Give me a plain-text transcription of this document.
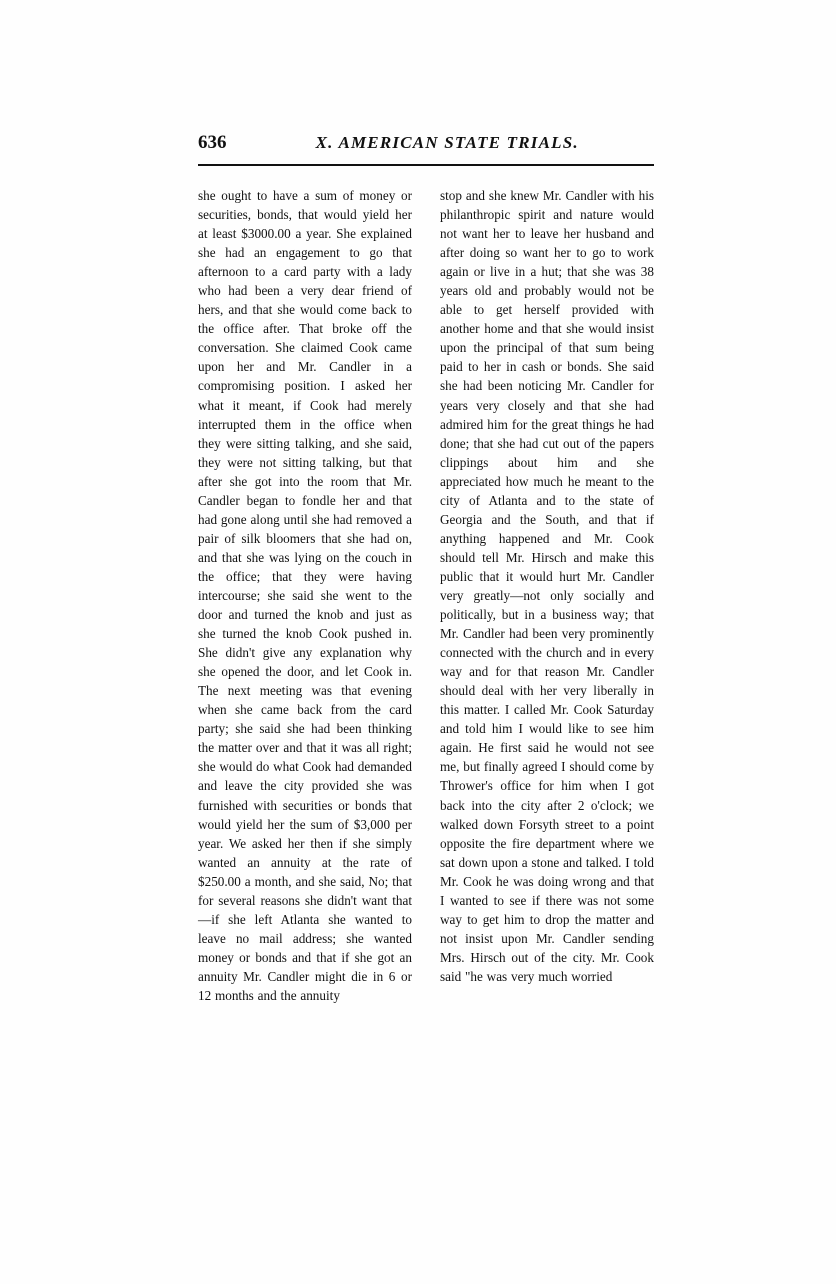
636	X. AMERICAN STATE TRIALS.

she ought to have a sum of money or securities, bonds, that would yield her at least $3000.00 a year. She explained she had an engagement to go that afternoon to a card party with a lady who had been a very dear friend of hers, and that she would come back to the office after. That broke off the conversation. She claimed Cook came upon her and Mr. Candler in a compromising position. I asked her what it meant, if Cook had merely interrupted them in the office when they were sitting talking, and she said, they were not sitting talking, but that after she got into the room that Mr. Candler began to fondle her and that had gone along until she had removed a pair of silk bloomers that she had on, and that she was lying on the couch in the office; that they were having intercourse; she said she went to the door and turned the knob and just as she turned the knob Cook pushed in. She didn't give any explanation why she opened the door, and let Cook in. The next meeting was that evening when she came back from the card party; she said she had been thinking the matter over and that it was all right; she would do what Cook had demanded and leave the city provided she was furnished with securities or bonds that would yield her the sum of $3,000 per year. We asked her then if she simply wanted an annuity at the rate of $250.00 a month, and she said, No; that for several reasons she didn't want that—if she left Atlanta she wanted to leave no mail address; she wanted money or bonds and that if she got an annuity Mr. Candler might die in 6 or 12 months and the annuity

stop and she knew Mr. Candler with his philanthropic spirit and nature would not want her to leave her husband and after doing so want her to go to work again or live in a hut; that she was 38 years old and probably would not be able to get herself provided with another home and that she would insist upon the principal of that sum being paid to her in cash or bonds. She said she had been noticing Mr. Candler for years very closely and that she had admired him for the great things he had done; that she had cut out of the papers clippings about him and she appreciated how much he meant to the city of Atlanta and to the state of Georgia and the South, and that if anything happened and Mr. Cook should tell Mr. Hirsch and make this public that it would hurt Mr. Candler very greatly—not only socially and politically, but in a business way; that Mr. Candler had been very prominently connected with the church and in every way and for that reason Mr. Candler should deal with her very liberally in this matter. I called Mr. Cook Saturday and told him I would like to see him again. He first said he would not see me, but finally agreed I should come by Thrower's office for him when I got back into the city after 2 o'clock; we walked down Forsyth street to a point opposite the fire department where we sat down upon a stone and talked. I told Mr. Cook he was doing wrong and that I wanted to see if there was not some way to get him to drop the matter and not insist upon Mr. Candler sending Mrs. Hirsch out of the city. Mr. Cook said "he was very much worried
